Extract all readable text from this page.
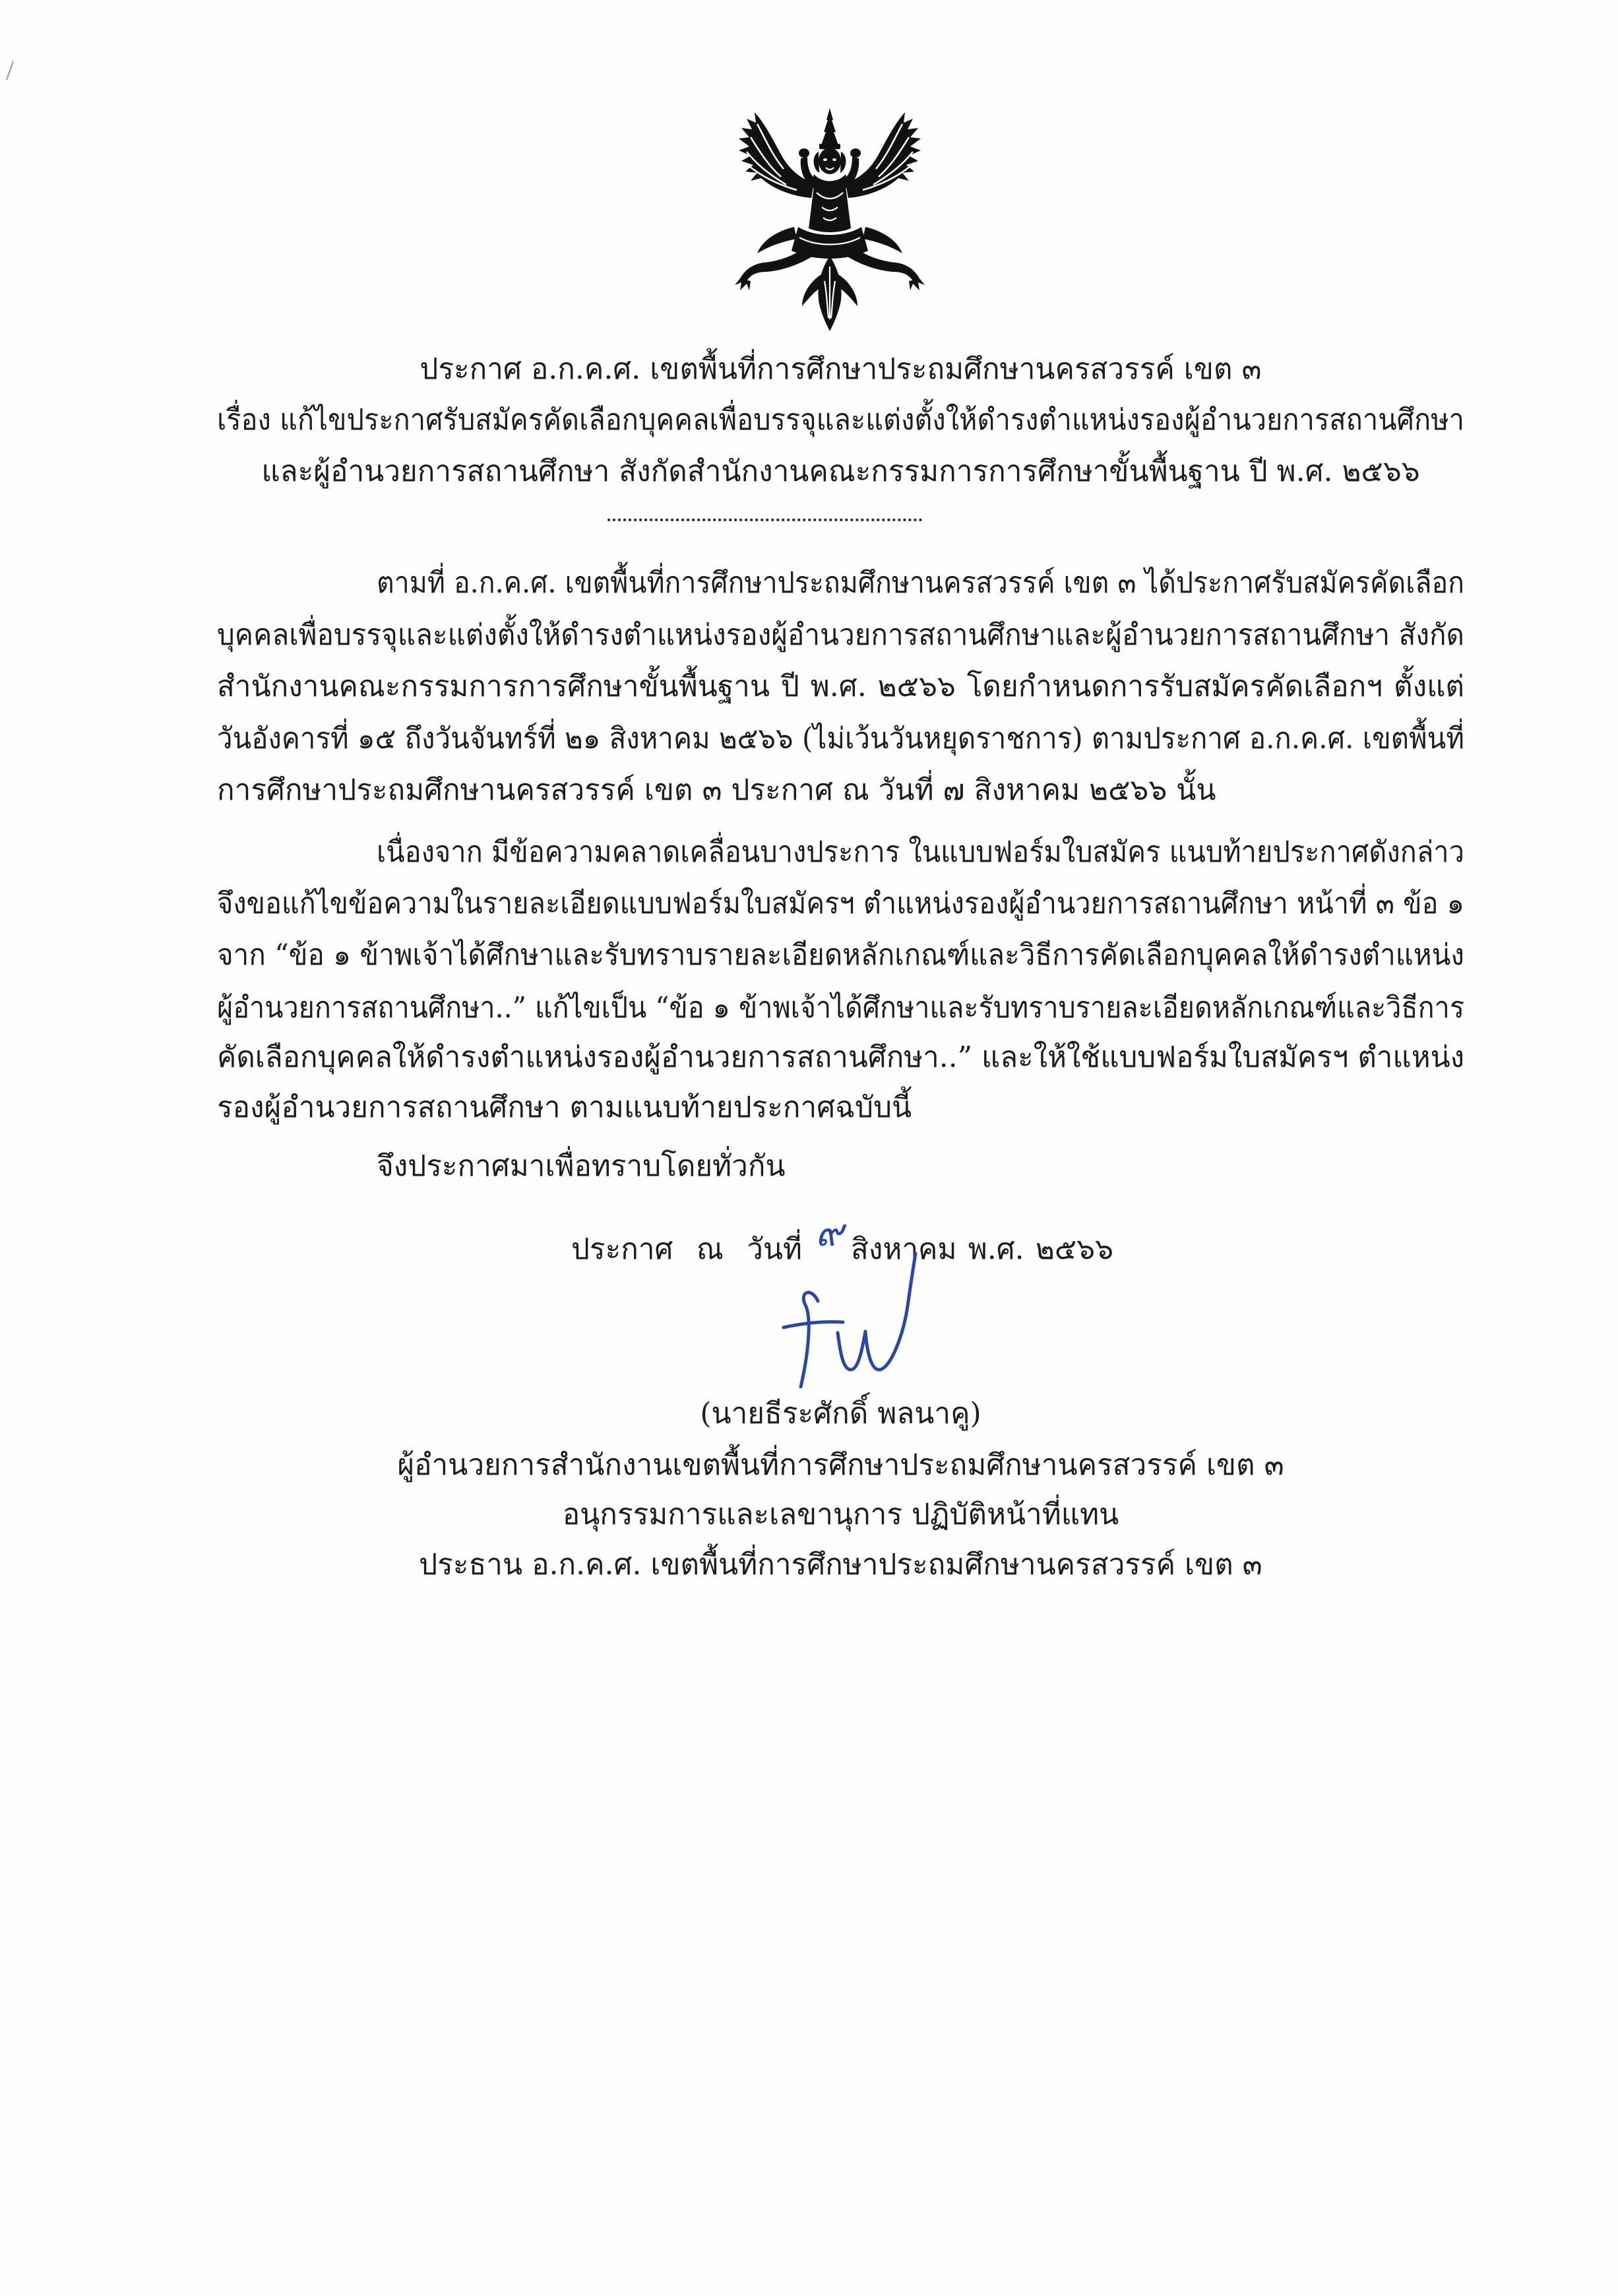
ประกาศ อ.ก.ค.ศ. เขตพื้นที่การศึกษาประถมศึกษานครสวรรค์ เขต ๓
เรื่อง แก้ไขประกาศรับสมัครคัดเลือกบุคคลเพื่อบรรจุและแต่งตั้งให้ดำรงตำแหน่งรองผู้อำนวยการสถานศึกษา
และผู้อำนวยการสถานศึกษา สังกัดสำนักงานคณะกรรมการการศึกษาขั้นพื้นฐาน ปี พ.ศ. ๒๕๖๖
ตามที่ อ.ก.ค.ศ. เขตพื้นที่การศึกษาประถมศึกษานครสวรรค์ เขต ๓ ได้ประกาศรับสมัครคัดเลือก
บุคคลเพื่อบรรจุและแต่งตั้งให้ดำรงตำแหน่งรองผู้อำนวยการสถานศึกษาและผู้อำนวยการสถานศึกษา สังกัด
สำนักงานคณะกรรมการการศึกษาขั้นพื้นฐาน ปี พ.ศ. ๒๕๖๖ โดยกำหนดการรับสมัครคัดเลือกฯ ตั้งแต่
วันอังคารที่ ๑๕ ถึงวันจันทร์ที่ ๒๑ สิงหาคม ๒๕๖๖ (ไม่เว้นวันหยุดราชการ) ตามประกาศ อ.ก.ค.ศ. เขตพื้นที่
การศึกษาประถมศึกษานครสวรรค์ เขต ๓ ประกาศ ณ วันที่ ๗ สิงหาคม ๒๕๖๖ นั้น
เนื่องจาก มีข้อความคลาดเคลื่อนบางประการ ในแบบฟอร์มใบสมัคร แนบท้ายประกาศดังกล่าว
จึงขอแก้ไขข้อความในรายละเอียดแบบฟอร์มใบสมัครฯ ตำแหน่งรองผู้อำนวยการสถานศึกษา หน้าที่ ๓ ข้อ ๑
จาก “ข้อ ๑ ข้าพเจ้าได้ศึกษาและรับทราบรายละเอียดหลักเกณฑ์และวิธีการคัดเลือกบุคคลให้ดำรงตำแหน่ง
ผู้อำนวยการสถานศึกษา..” แก้ไขเป็น “ข้อ ๑ ข้าพเจ้าได้ศึกษาและรับทราบรายละเอียดหลักเกณฑ์และวิธีการ
คัดเลือกบุคคลให้ดำรงตำแหน่งรองผู้อำนวยการสถานศึกษา..” และให้ใช้แบบฟอร์มใบสมัครฯ ตำแหน่ง
รองผู้อำนวยการสถานศึกษา ตามแนบท้ายประกาศฉบับนี้
จึงประกาศมาเพื่อทราบโดยทั่วกัน
ประกาศ ณ วันที่ ๙ สิงหาคม พ.ศ. ๒๕๖๖
(นายธีระศักดิ์ พลนาคู)
ผู้อำนวยการสำนักงานเขตพื้นที่การศึกษาประถมศึกษานครสวรรค์ เขต ๓
อนุกรรมการและเลขานุการ ปฏิบัติหน้าที่แทน
ประธาน อ.ก.ค.ศ. เขตพื้นที่การศึกษาประถมศึกษานครสวรรค์ เขต ๓
